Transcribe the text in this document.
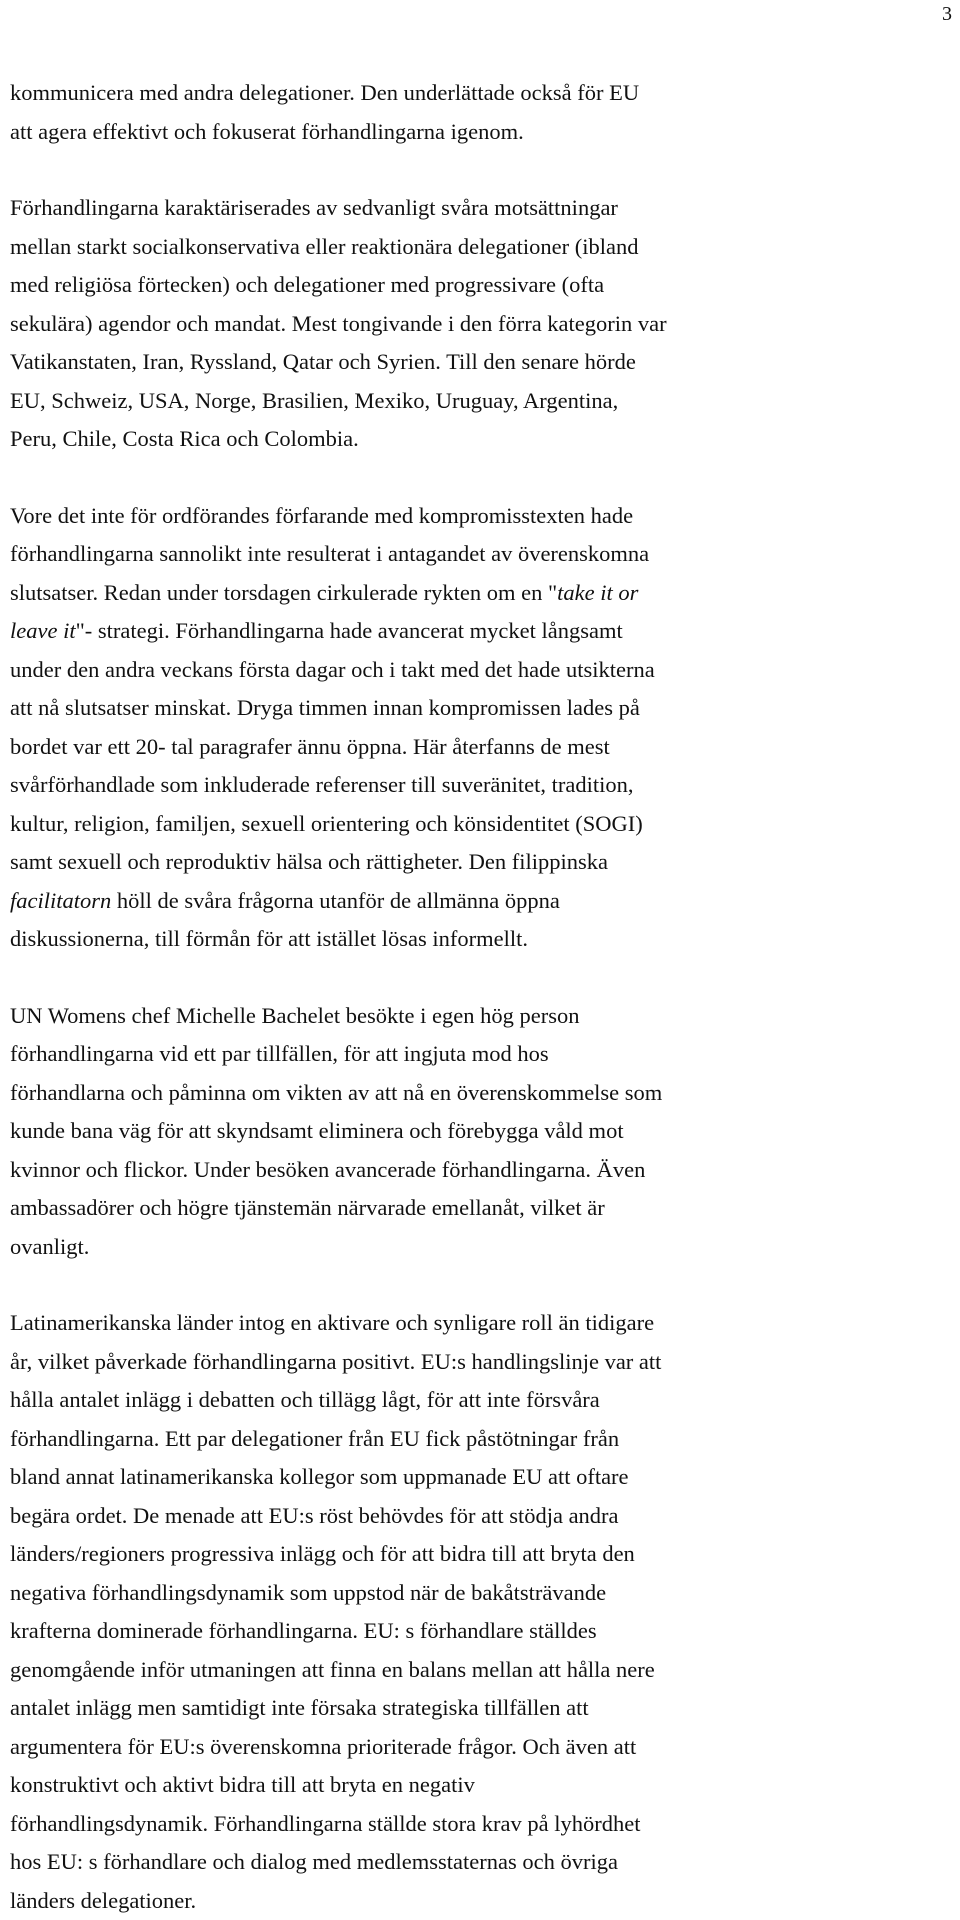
3

kommunicera med andra delegationer. Den underlättade också för EU
att agera effektivt och fokuserat förhandlingarna igenom.

Förhandlingarna karaktäriserades av sedvanligt svåra motsättningar
mellan starkt socialkonservativa eller reaktionära delegationer (ibland
med religiösa förtecken) och delegationer med progressivare (ofta
sekulära) agendor och mandat. Mest tongivande i den förra kategorin var
Vatikanstaten, Iran, Ryssland, Qatar och Syrien. Till den senare hörde
EU, Schweiz, USA, Norge, Brasilien, Mexiko, Uruguay, Argentina,
Peru, Chile, Costa Rica och Colombia.

Vore det inte för ordförandes förfarande med kompromisstexten hade
förhandlingarna sannolikt inte resulterat i antagandet av överenskomna
slutsatser. Redan under torsdagen cirkulerade rykten om en "take it or
leave it"- strategi. Förhandlingarna hade avancerat mycket långsamt
under den andra veckans första dagar och i takt med det hade utsikterna
att nå slutsatser minskat. Dryga timmen innan kompromissen lades på
bordet var ett 20- tal paragrafer ännu öppna. Här återfanns de mest
svårförhandlade som inkluderade referenser till suveränitet, tradition,
kultur, religion, familjen, sexuell orientering och könsidentitet (SOGI)
samt sexuell och reproduktiv hälsa och rättigheter. Den filippinska
facilitatorn höll de svåra frågorna utanför de allmänna öppna
diskussionerna, till förmån för att istället lösas informellt.

UN Womens chef Michelle Bachelet besökte i egen hög person
förhandlingarna vid ett par tillfällen, för att ingjuta mod hos
förhandlarna och påminna om vikten av att nå en överenskommelse som
kunde bana väg för att skyndsamt eliminera och förebygga våld mot
kvinnor och flickor. Under besöken avancerade förhandlingarna. Även
ambassadörer och högre tjänstemän närvarade emellanåt, vilket är
ovanligt.

Latinamerikanska länder intog en aktivare och synligare roll än tidigare
år, vilket påverkade förhandlingarna positivt. EU:s handlingslinje var att
hålla antalet inlägg i debatten och tillägg lågt, för att inte försvåra
förhandlingarna. Ett par delegationer från EU fick påstötningar från
bland annat latinamerikanska kollegor som uppmanade EU att oftare
begära ordet. De menade att EU:s röst behövdes för att stödja andra
länders/regioners progressiva inlägg och för att bidra till att bryta den
negativa förhandlingsdynamik som uppstod när de bakåtsträvande
krafterna dominerade förhandlingarna. EU: s förhandlare ställdes
genomgående inför utmaningen att finna en balans mellan att hålla nere
antalet inlägg men samtidigt inte försaka strategiska tillfällen att
argumentera för EU:s överenskomna prioriterade frågor. Och även att
konstruktivt och aktivt bidra till att bryta en negativ
förhandlingsdynamik. Förhandlingarna ställde stora krav på lyhördhet
hos EU: s förhandlare och dialog med medlemsstaternas och övriga
länders delegationer.
